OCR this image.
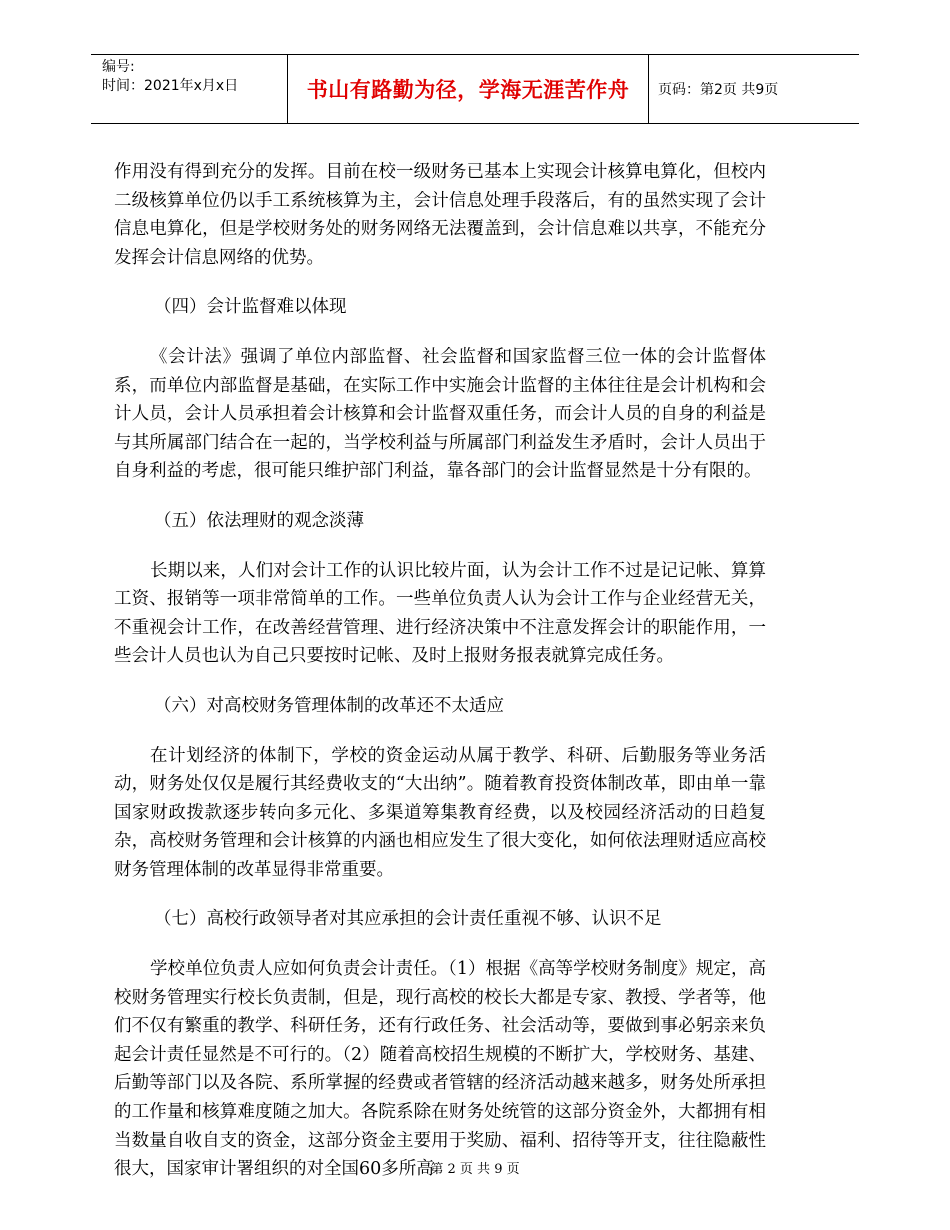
编号:
时间：2021年x月x日	书山有路勤为径，学海无涯苦作舟	页码：第2页 共9页

作用没有得到充分的发挥。目前在校一级财务已基本上实现会计核算电算化，但校内二级核算单位仍以手工系统核算为主，会计信息处理手段落后，有的虽然实现了会计信息电算化，但是学校财务处的财务网络无法覆盖到，会计信息难以共享，不能充分发挥会计信息网络的优势。

（四）会计监督难以体现

《会计法》强调了单位内部监督、社会监督和国家监督三位一体的会计监督体系，而单位内部监督是基础，在实际工作中实施会计监督的主体往往是会计机构和会计人员，会计人员承担着会计核算和会计监督双重任务，而会计人员的自身的利益是与其所属部门结合在一起的，当学校利益与所属部门利益发生矛盾时，会计人员出于自身利益的考虑，很可能只维护部门利益，靠各部门的会计监督显然是十分有限的。

（五）依法理财的观念淡薄

长期以来，人们对会计工作的认识比较片面，认为会计工作不过是记记帐、算算工资、报销等一项非常简单的工作。一些单位负责人认为会计工作与企业经营无关，不重视会计工作，在改善经营管理、进行经济决策中不注意发挥会计的职能作用，一些会计人员也认为自己只要按时记帐、及时上报财务报表就算完成任务。

（六）对高校财务管理体制的改革还不太适应

在计划经济的体制下，学校的资金运动从属于教学、科研、后勤服务等业务活动，财务处仅仅是履行其经费收支的“大出纳”。随着教育投资体制改革，即由单一靠国家财政拨款逐步转向多元化、多渠道筹集教育经费，以及校园经济活动的日趋复杂，高校财务管理和会计核算的内涵也相应发生了很大变化，如何依法理财适应高校财务管理体制的改革显得非常重要。

（七）高校行政领导者对其应承担的会计责任重视不够、认识不足

学校单位负责人应如何负责会计责任。（1）根据《高等学校财务制度》规定，高校财务管理实行校长负责制，但是，现行高校的校长大都是专家、教授、学者等，他们不仅有繁重的教学、科研任务，还有行政任务、社会活动等，要做到事必躬亲来负起会计责任显然是不可行的。（2）随着高校招生规模的不断扩大，学校财务、基建、后勤等部门以及各院、系所掌握的经费或者管辖的经济活动越来越多，财务处所承担的工作量和核算难度随之加大。各院系除在财务处统管的这部分资金外，大都拥有相当数量自收自支的资金，这部分资金主要用于奖励、福利、招待等开支，往往隐蔽性很大，国家审计署组织的对全国60多所高

第 2 页 共 9 页
